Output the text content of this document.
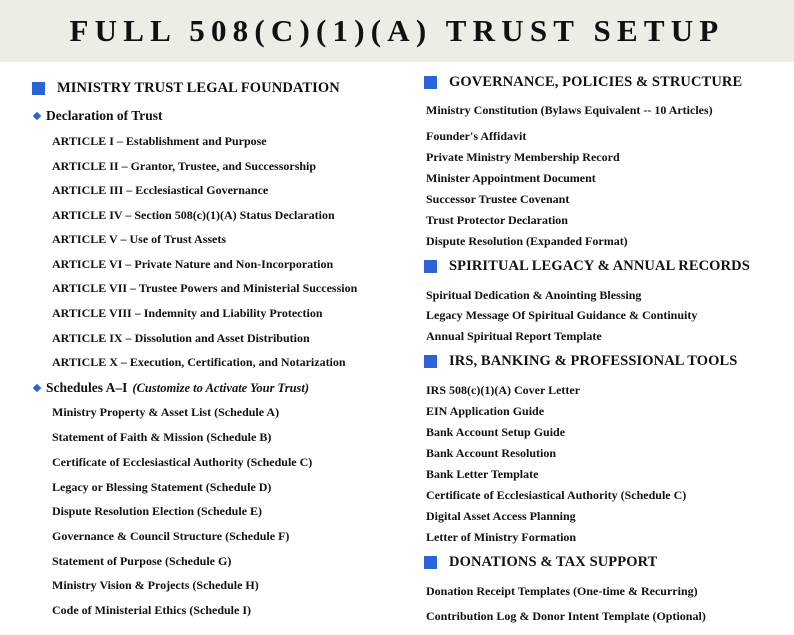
FULL 508(C)(1)(A) TRUST SETUP
MINISTRY TRUST LEGAL FOUNDATION
Declaration of Trust
ARTICLE I – Establishment and Purpose
ARTICLE II – Grantor, Trustee, and Successorship
ARTICLE III – Ecclesiastical Governance
ARTICLE IV – Section 508(c)(1)(A) Status Declaration
ARTICLE V – Use of Trust Assets
ARTICLE VI – Private Nature and Non-Incorporation
ARTICLE VII – Trustee Powers and Ministerial Succession
ARTICLE VIII – Indemnity and Liability Protection
ARTICLE IX – Dissolution and Asset Distribution
ARTICLE X – Execution, Certification, and Notarization
Schedules A–I (Customize to Activate Your Trust)
Ministry Property & Asset List (Schedule A)
Statement of Faith & Mission (Schedule B)
Certificate of Ecclesiastical Authority (Schedule C)
Legacy or Blessing Statement (Schedule D)
Dispute Resolution Election (Schedule E)
Governance & Council Structure (Schedule F)
Statement of Purpose (Schedule G)
Ministry Vision & Projects (Schedule H)
Code of Ministerial Ethics (Schedule I)
GOVERNANCE, POLICIES & STRUCTURE
Ministry Constitution (Bylaws Equivalent -- 10 Articles)
Founder's Affidavit
Private Ministry Membership Record
Minister Appointment Document
Successor Trustee Covenant
Trust Protector Declaration
Dispute Resolution (Expanded Format)
SPIRITUAL LEGACY & ANNUAL RECORDS
Spiritual Dedication & Anointing Blessing
Legacy Message Of Spiritual Guidance & Continuity
Annual Spiritual Report Template
IRS, BANKING & PROFESSIONAL TOOLS
IRS 508(c)(1)(A) Cover Letter
EIN Application Guide
Bank Account Setup Guide
Bank Account Resolution
Bank Letter Template
Certificate of Ecclesiastical Authority (Schedule C)
Digital Asset Access Planning
Letter of Ministry Formation
DONATIONS & TAX SUPPORT
Donation Receipt Templates (One-time & Recurring)
Contribution Log & Donor Intent Template (Optional)
